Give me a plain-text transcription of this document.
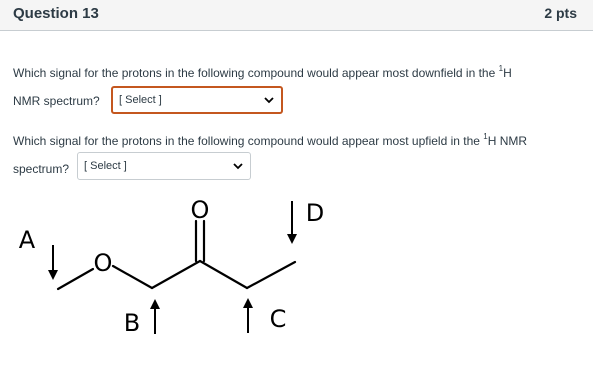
Question 13	2 pts
Which signal for the protons in the following compound would appear most downfield in the $^1$H
NMR spectrum? [ Select ]
Which signal for the protons in the following compound would appear most upfield in the $^1$H NMR
spectrum? [ Select ]
O
O
A
B	C
D
